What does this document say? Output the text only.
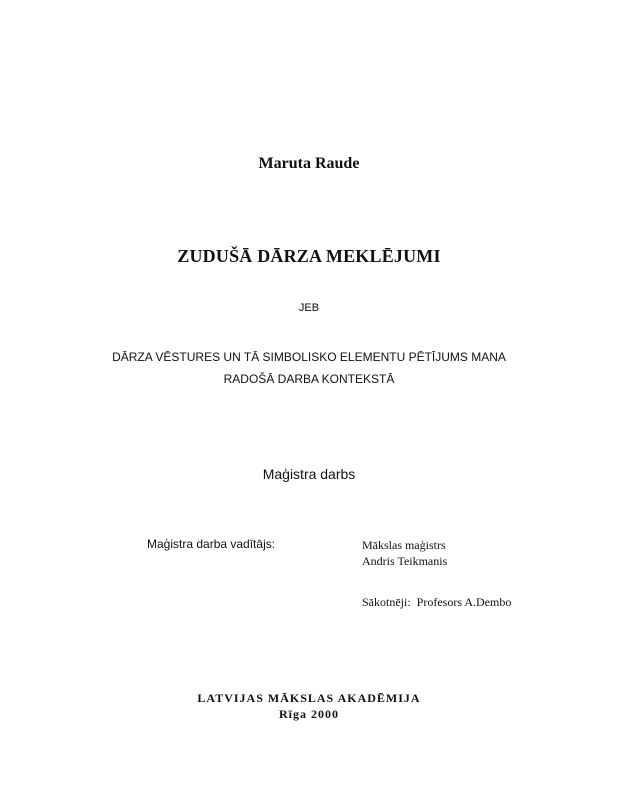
Maruta Raude
ZUDUŠĀ DĀRZA MEKLĒJUMI
JEB
DĀRZA VĒSTURES UN TĀ SIMBOLISKO ELEMENTU PĒTĪJUMS MANA
RADOŠĀ DARBA KONTEKSTĀ
Maģistra darbs
Maģistra darba vadītājs:	Mākslas maģistrs
Andris Teikmanis
Sākotnēji: Profesors A.Dembo
LATVIJAS MĀKSLAS AKADĒMIJA
Rīga 2000
